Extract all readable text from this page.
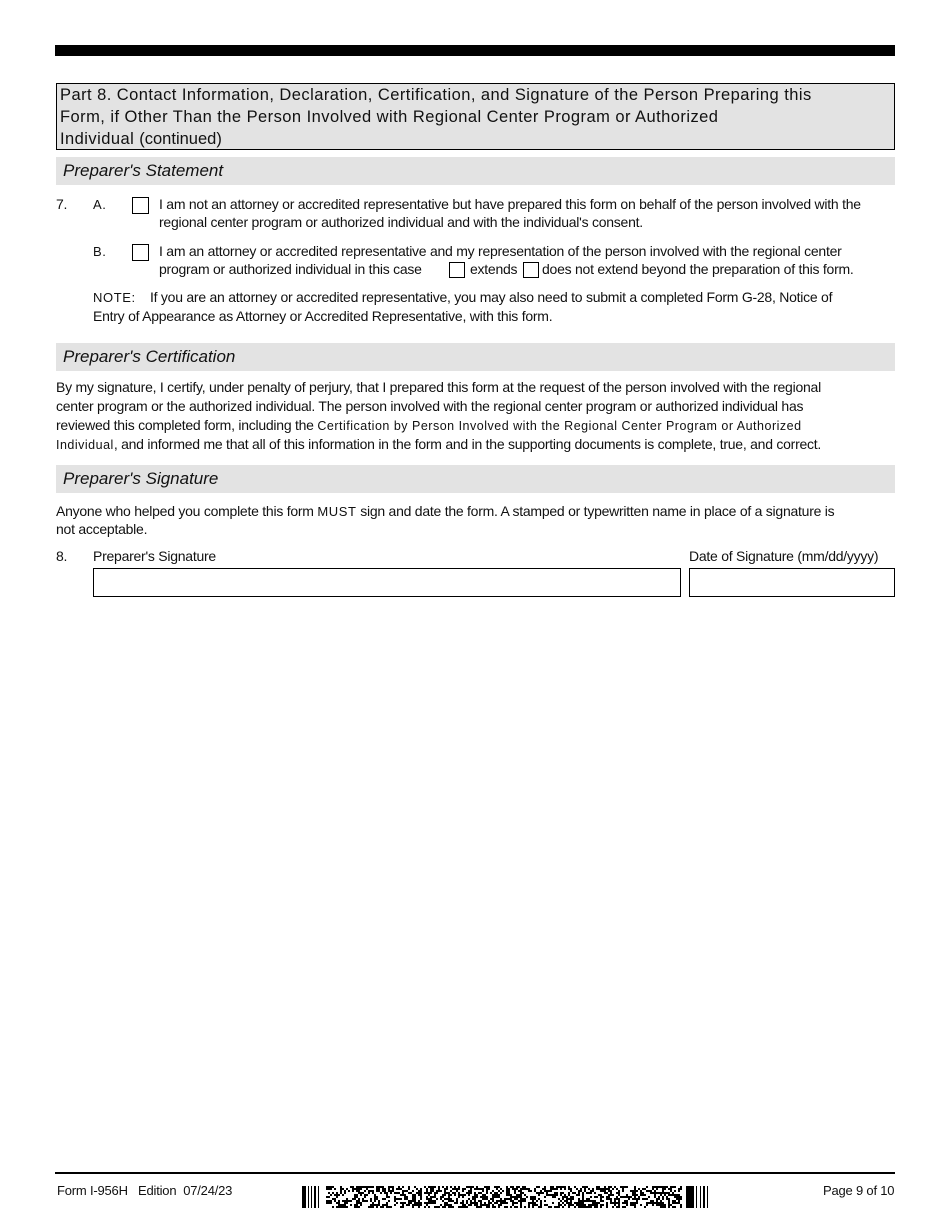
Part 8. Contact Information, Declaration, Certification, and Signature of the Person Preparing this
Form, if Other Than the Person Involved with Regional Center Program or Authorized
Individual (continued)
Preparer's Statement
7. A.	I am not an attorney or accredited representative but have prepared this form on behalf of the person involved with the
regional center program or authorized individual and with the individual's consent.
B.	I am an attorney or accredited representative and my representation of the person involved with the regional center
program or authorized individual in this case	extends does not extend beyond the preparation of this form.
NOTE: If you are an attorney or accredited representative, you may also need to submit a completed Form G-28, Notice of
Entry of Appearance as Attorney or Accredited Representative, with this form.
Preparer's Certification
By my signature, I certify, under penalty of perjury, that I prepared this form at the request of the person involved with the regional
center program or the authorized individual. The person involved with the regional center program or authorized individual has
reviewed this completed form, including the Certification by Person Involved with the Regional Center Program or Authorized
Individual, and informed me that all of this information in the form and in the supporting documents is complete, true, and correct.
Preparer's Signature
Anyone who helped you complete this form MUST sign and date the form. A stamped or typewritten name in place of a signature is
not acceptable.
8. Preparer's Signature	Date of Signature (mm/dd/yyyy)
Form I-956H Edition 07/24/23	Page 9 of 10
